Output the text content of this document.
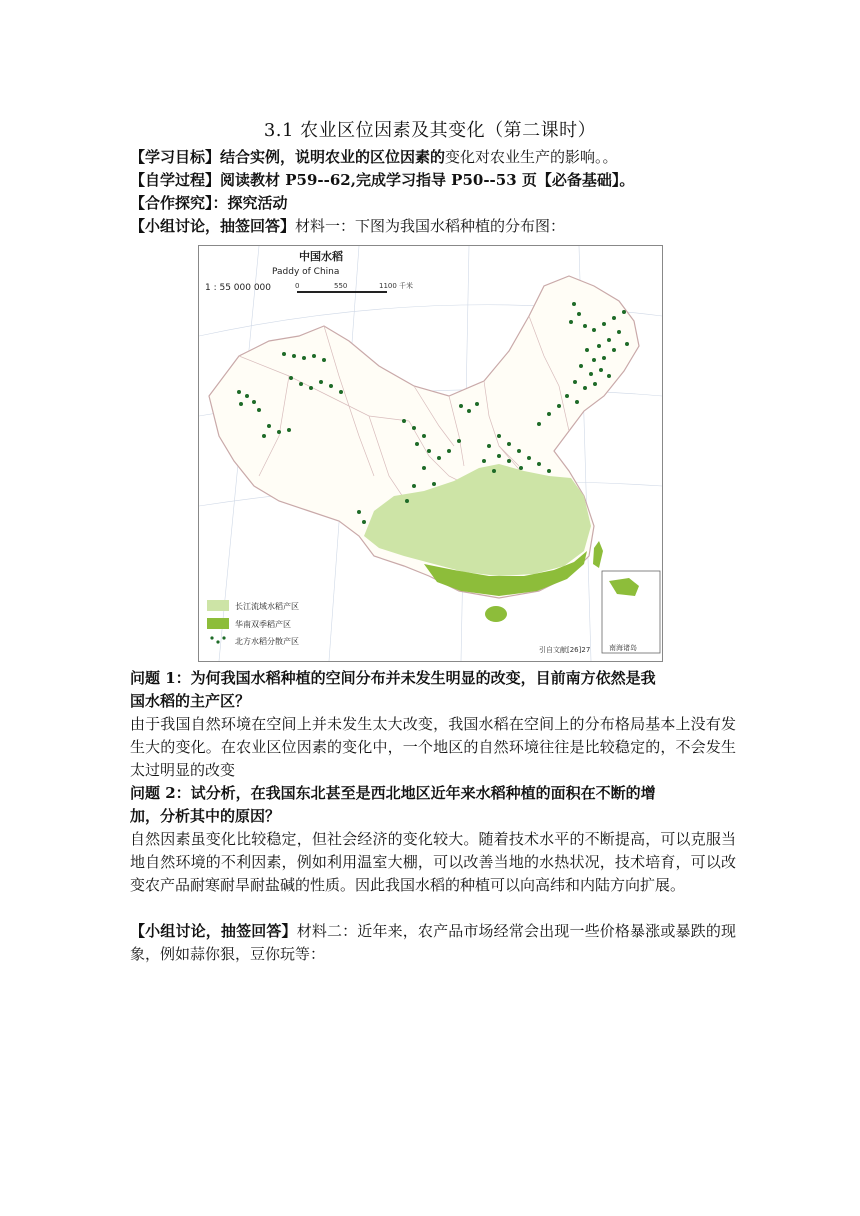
3.1 农业区位因素及其变化（第二课时）
【学习目标】结合实例，说明农业的区位因素的变化对农业生产的影响。。
【自学过程】阅读教材 P59--62,完成学习指导 P50--53 页【必备基础】。
【合作探究】：探究活动
【小组讨论，抽签回答】材料一：下图为我国水稻种植的分布图：
长江流域水稻产区
华南双季稻产区
北方水稻分散产区
中国水稻
Paddy of China
1 : 55 000 000	0	550	1100 千米
南海诸岛
引自文献[26]27
问题 1：为何我国水稻种植的空间分布并未发生明显的改变，目前南方依然是我
国水稻的主产区？
由于我国自然环境在空间上并未发生太大改变，我国水稻在空间上的分布格局基本上没有发生大的变化。在农业区位因素的变化中，一个地区的自然环境往往是比较稳定的，不会发生太过明显的改变
问题 2：试分析，在我国东北甚至是西北地区近年来水稻种植的面积在不断的增
加，分析其中的原因？
自然因素虽变化比较稳定，但社会经济的变化较大。随着技术水平的不断提高，可以克服当地自然环境的不利因素，例如利用温室大棚，可以改善当地的水热状况，技术培育，可以改变农产品耐寒耐旱耐盐碱的性质。因此我国水稻的种植可以向高纬和内陆方向扩展。
【小组讨论，抽签回答】材料二：近年来，农产品市场经常会出现一些价格暴涨或暴跌的现象，例如蒜你狠，豆你玩等：
